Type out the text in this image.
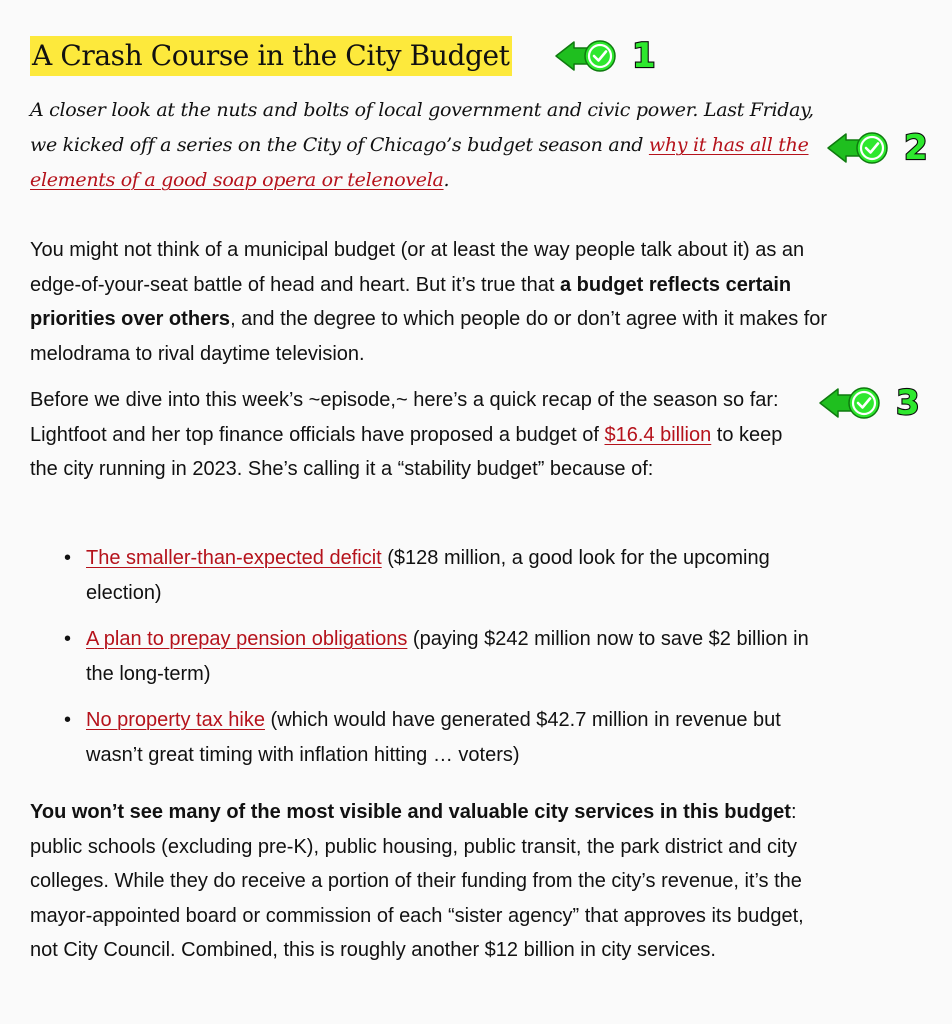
A Crash Course in the City Budget

A closer look at the nuts and bolts of local government and civic power. Last Friday, we kicked off a series on the City of Chicago’s budget season and why it has all the elements of a good soap opera or telenovela.

You might not think of a municipal budget (or at least the way people talk about it) as an edge-of-your-seat battle of head and heart. But it’s true that a budget reflects certain priorities over others, and the degree to which people do or don’t agree with it makes for melodrama to rival daytime television.

Before we dive into this week’s ~episode,~ here’s a quick recap of the season so far: Lightfoot and her top finance officials have proposed a budget of $16.4 billion to keep the city running in 2023. She’s calling it a “stability budget” because of:

• The smaller-than-expected deficit ($128 million, a good look for the upcoming election)
• A plan to prepay pension obligations (paying $242 million now to save $2 billion in the long-term)
• No property tax hike (which would have generated $42.7 million in revenue but wasn’t great timing with inflation hitting … voters)

You won’t see many of the most visible and valuable city services in this budget: public schools (excluding pre-K), public housing, public transit, the park district and city colleges. While they do receive a portion of their funding from the city’s revenue, it’s the mayor-appointed board or commission of each “sister agency” that approves its budget, not City Council. Combined, this is roughly another $12 billion in city services.

1
2
3
